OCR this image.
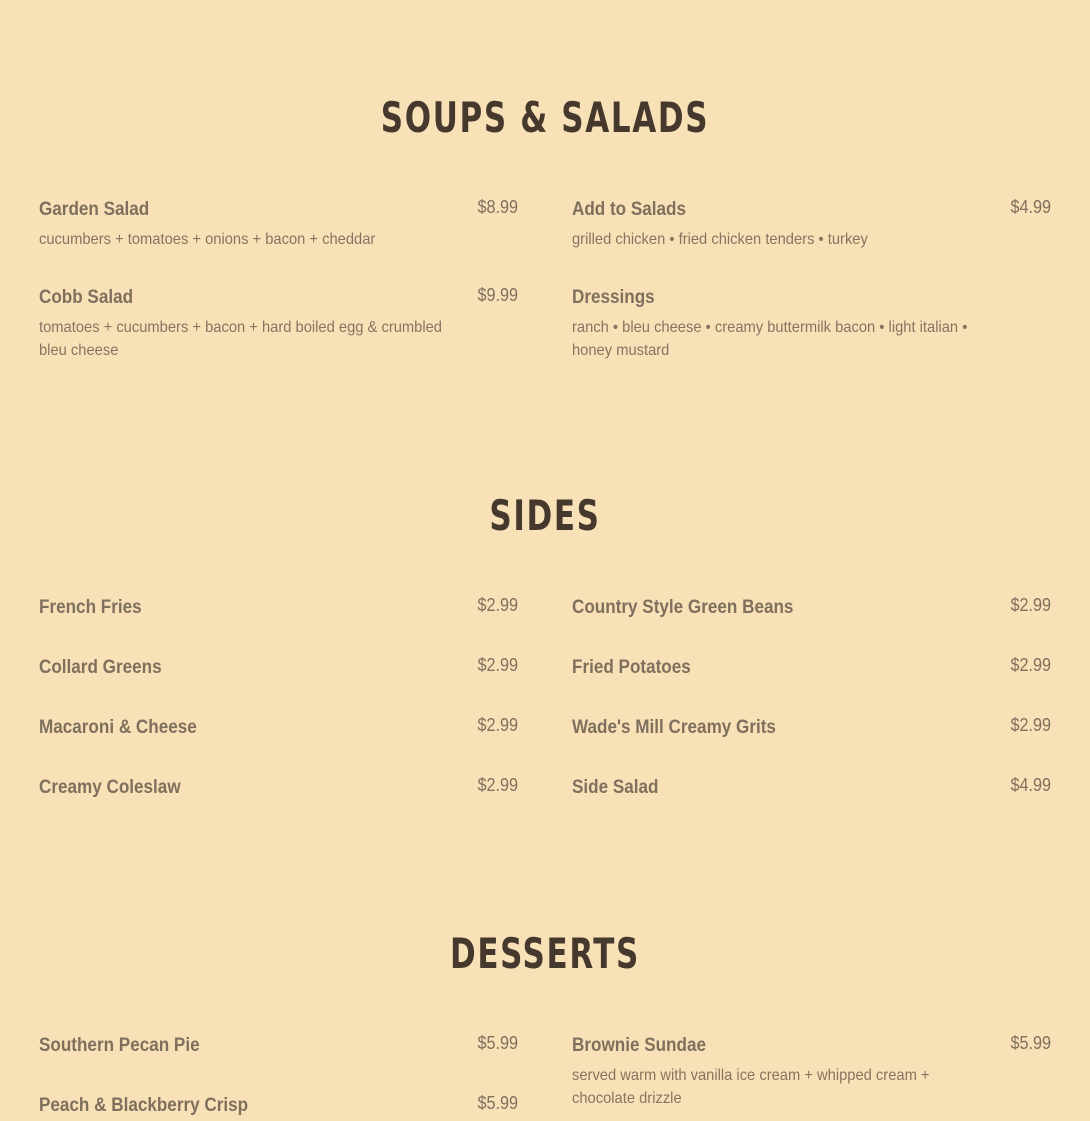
SOUPS & SALADS
Garden Salad	$8.99
cucumbers + tomatoes + onions + bacon + cheddar
Cobb Salad	$9.99
tomatoes + cucumbers + bacon + hard boiled egg & crumbled bleu cheese
Add to Salads	$4.99
grilled chicken • fried chicken tenders • turkey
Dressings
ranch • bleu cheese • creamy buttermilk bacon • light italian • honey mustard
SIDES
French Fries	$2.99
Collard Greens	$2.99
Macaroni & Cheese	$2.99
Creamy Coleslaw	$2.99
Country Style Green Beans	$2.99
Fried Potatoes	$2.99
Wade's Mill Creamy Grits	$2.99
Side Salad	$4.99
DESSERTS
Southern Pecan Pie	$5.99
Peach & Blackberry Crisp	$5.99
Brownie Sundae	$5.99
served warm with vanilla ice cream + whipped cream + chocolate drizzle
